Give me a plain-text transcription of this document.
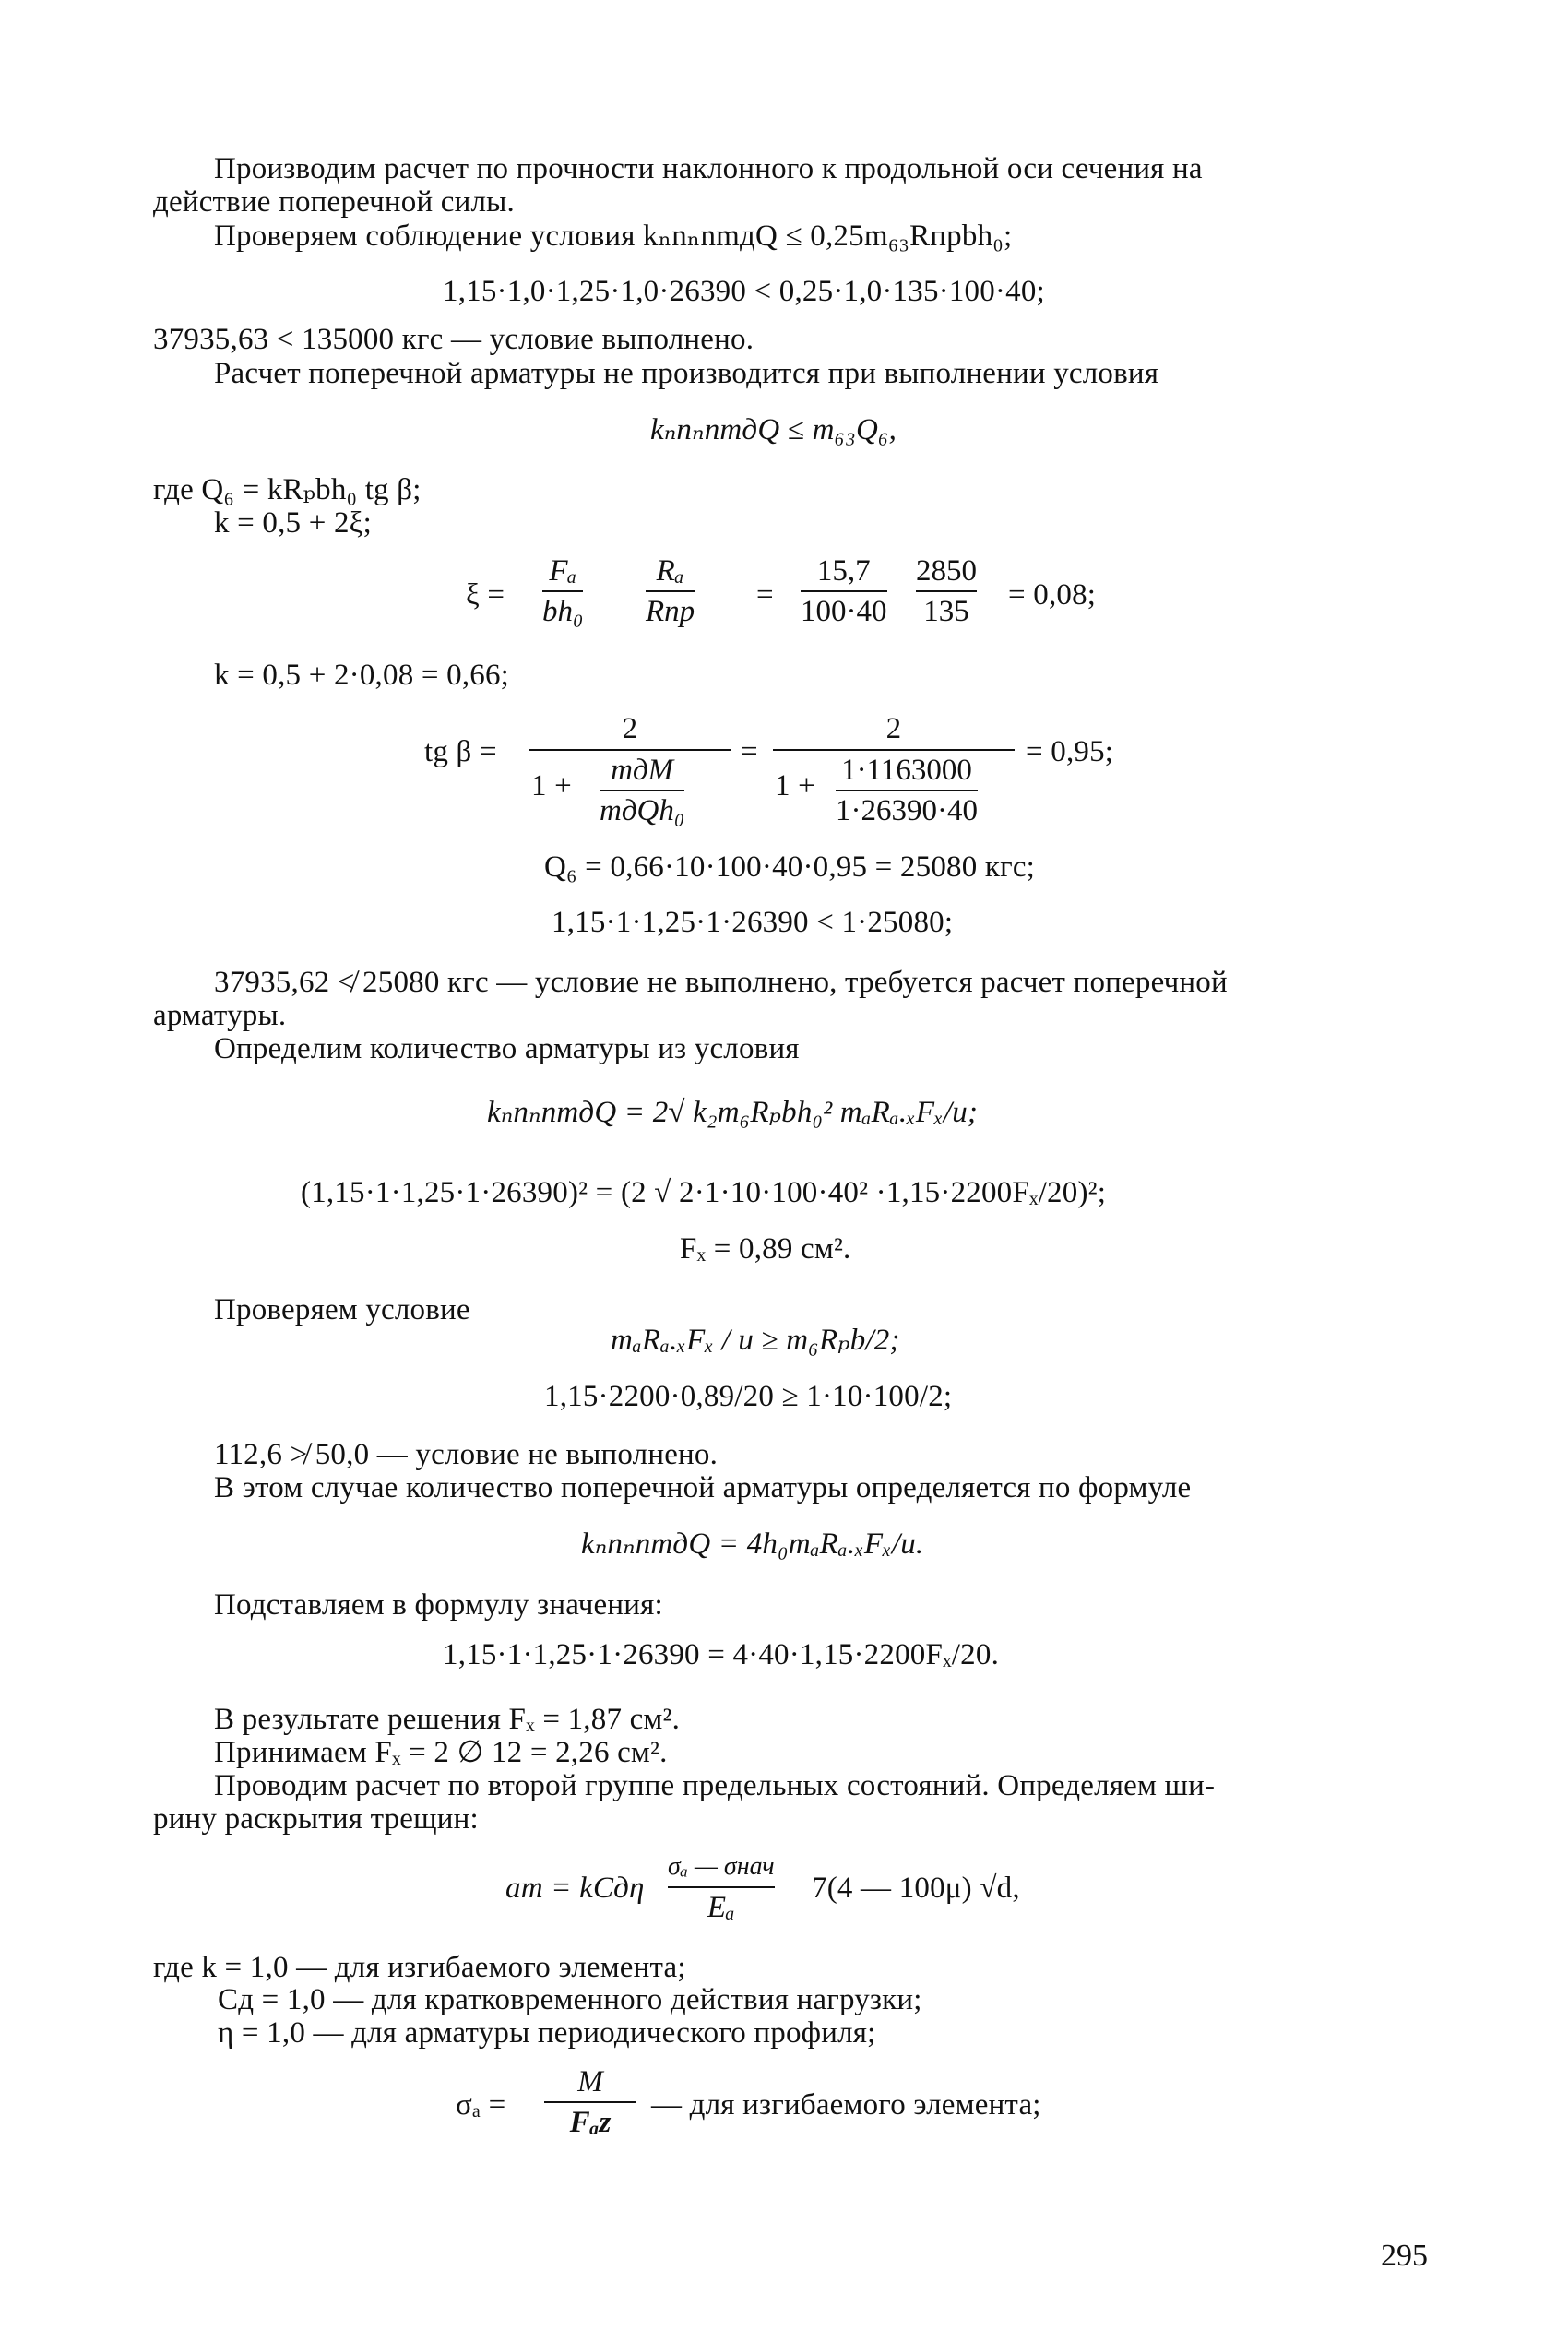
Производим расчет по прочности наклонного к продольной оси сечения на
действие поперечной силы.
Проверяем соблюдение условия kₙnₙnmдQ ≤ 0,25m₆₃Rпрbh₀;
1,15·1,0·1,25·1,0·26390 < 0,25·1,0·135·100·40;
37935,63 < 135000 кгс — условие выполнено.
Расчет поперечной арматуры не производится при выполнении условия
kₙnₙnmдQ ≤ m₆₃Q₆,
где Q₆ = kRₚbh₀ tg β;
k = 0,5 + 2ξ;
ξ =
Fₐ
bh₀
Rₐ
Rпр =
15,7
100·40
2850
135 = 0,08;
k = 0,5 + 2·0,08 = 0,66;
tg β =
2
1 + mдM
mдQh₀
=
2
1 + 1·1163000
1·26390·40
= 0,95;
Q₆ = 0,66·10·100·40·0,95 = 25080 кгс;
1,15·1·1,25·1·26390 < 1·25080;
37935,62 ≮ 25080 кгс — условие не выполнено, требуется расчет поперечной
арматуры.
Определим количество арматуры из условия
kₙnₙnmдQ = 2√ k₂m₆Rₚbh₀² mₐRₐ.ₓFₓ/u;
(1,15·1·1,25·1·26390)² = (2 √ 2·1·10·100·40² ·1,15·2200Fₓ/20)²;
Fₓ = 0,89 см².
Проверяем условие
mₐRₐ.ₓFₓ / u ≥ m₆Rₚb/2;
1,15·2200·0,89/20 ≥ 1·10·100/2;
112,6 ≯ 50,0 — условие не выполнено.
В этом случае количество поперечной арматуры определяется по формуле
kₙnₙnmдQ = 4h₀mₐRₐ.ₓFₓ/u.
Подставляем в формулу значения:
1,15·1·1,25·1·26390 = 4·40·1,15·2200Fₓ/20.
В результате решения Fₓ = 1,87 см².
Принимаем Fₓ = 2 ∅ 12 = 2,26 см².
Проводим расчет по второй группе предельных состояний. Определяем ши-
рину раскрытия трещин:
aт = kCдη
σₐ — σнач
Eₐ
7(4 — 100μ) √d,
где k = 1,0 — для изгибаемого элемента;
Cд = 1,0 — для кратковременного действия нагрузки;
η = 1,0 — для арматуры периодического профиля;
σₐ =
M
Fₐz
— для изгибаемого элемента;
295
